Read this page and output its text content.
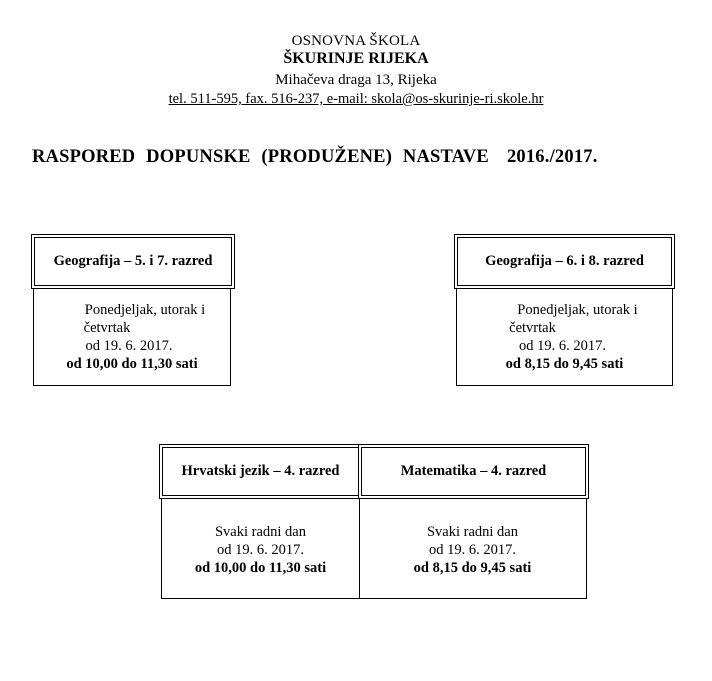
OSNOVNA ŠKOLA
ŠKURINJE RIJEKA
Mihačeva draga 13, Rijeka
tel. 511-595, fax. 516-237, e-mail: skola@os-skurinje-ri.skole.hr
RASPORED DOPUNSKE (PRODUŽENE) NASTAVE 2016./2017.
Geografija – 5. i 7. razred
Ponedjeljak, utorak i
četvrtak
od 19. 6. 2017.
od 10,00 do 11,30 sati
Geografija – 6. i 8. razred
Ponedjeljak, utorak i
četvrtak
od 19. 6. 2017.
od 8,15 do 9,45 sati
Hrvatski jezik – 4. razred
Svaki radni dan
od 19. 6. 2017.
od 10,00 do 11,30 sati
Matematika – 4. razred
Svaki radni dan
od 19. 6. 2017.
od 8,15 do 9,45 sati
